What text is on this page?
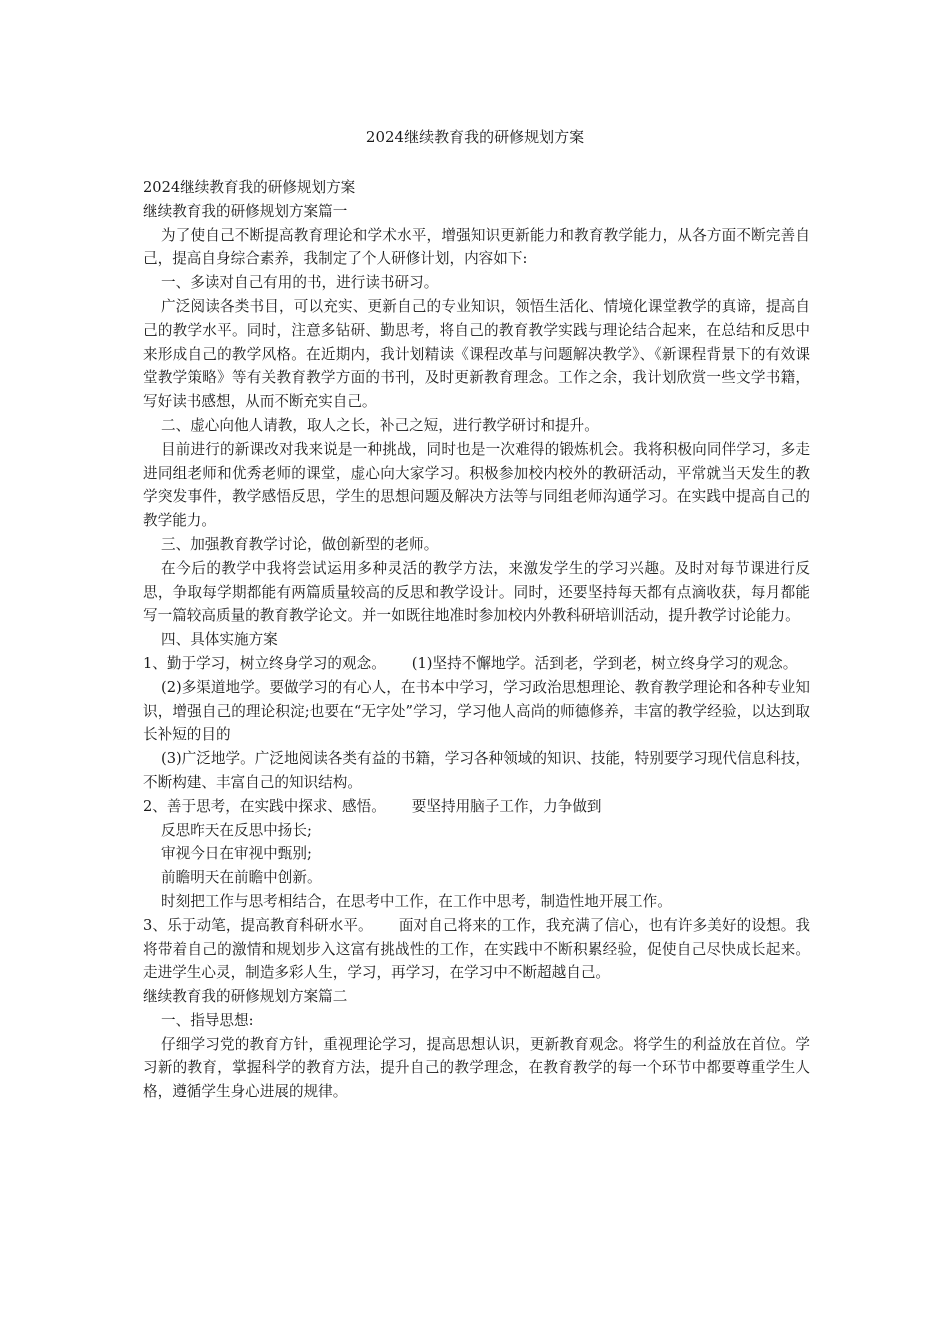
2024继续教育我的研修规划方案

2024继续教育我的研修规划方案

继续教育我的研修规划方案篇一

为了使自己不断提高教育理论和学术水平，增强知识更新能力和教育教学能力，从各方面不断完善自己，提高自身综合素养，我制定了个人研修计划，内容如下:

一、多读对自己有用的书，进行读书研习。

广泛阅读各类书目，可以充实、更新自己的专业知识，领悟生活化、情境化课堂教学的真谛，提高自己的教学水平。同时，注意多钻研、勤思考，将自己的教育教学实践与理论结合起来，在总结和反思中来形成自己的教学风格。在近期内，我计划精读《课程改革与问题解决教学》、《新课程背景下的有效课堂教学策略》等有关教育教学方面的书刊，及时更新教育理念。工作之余，我计划欣赏一些文学书籍，写好读书感想，从而不断充实自己。

二、虚心向他人请教，取人之长，补己之短，进行教学研讨和提升。

目前进行的新课改对我来说是一种挑战，同时也是一次难得的锻炼机会。我将积极向同伴学习，多走进同组老师和优秀老师的课堂，虚心向大家学习。积极参加校内校外的教研活动，平常就当天发生的教学突发事件，教学感悟反思，学生的思想问题及解决方法等与同组老师沟通学习。在实践中提高自己的教学能力。

三、加强教育教学讨论，做创新型的老师。

在今后的教学中我将尝试运用多种灵活的教学方法，来激发学生的学习兴趣。及时对每节课进行反思，争取每学期都能有两篇质量较高的反思和教学设计。同时，还要坚持每天都有点滴收获，每月都能写一篇较高质量的教育教学论文。并一如既往地准时参加校内外教科研培训活动，提升教学讨论能力。

四、具体实施方案

1、勤于学习，树立终身学习的观念。 (1)坚持不懈地学。活到老，学到老，树立终身学习的观念。

(2)多渠道地学。要做学习的有心人，在书本中学习，学习政治思想理论、教育教学理论和各种专业知识，增强自己的理论积淀;也要在“无字处”学习，学习他人高尚的师德修养，丰富的教学经验，以达到取长补短的目的

(3)广泛地学。广泛地阅读各类有益的书籍，学习各种领域的知识、技能，特别要学习现代信息科技，不断构建、丰富自己的知识结构。

2、善于思考，在实践中探求、感悟。 要坚持用脑子工作，力争做到

反思昨天在反思中扬长;

审视今日在审视中甄别;

前瞻明天在前瞻中创新。

时刻把工作与思考相结合，在思考中工作，在工作中思考，制造性地开展工作。

3、乐于动笔，提高教育科研水平。 面对自己将来的工作，我充满了信心，也有许多美好的设想。我将带着自己的激情和规划步入这富有挑战性的工作，在实践中不断积累经验，促使自己尽快成长起来。走进学生心灵，制造多彩人生，学习，再学习，在学习中不断超越自己。

继续教育我的研修规划方案篇二

一、指导思想:

仔细学习党的教育方针，重视理论学习，提高思想认识，更新教育观念。将学生的利益放在首位。学习新的教育，掌握科学的教育方法，提升自己的教学理念，在教育教学的每一个环节中都要尊重学生人格，遵循学生身心进展的规律。
